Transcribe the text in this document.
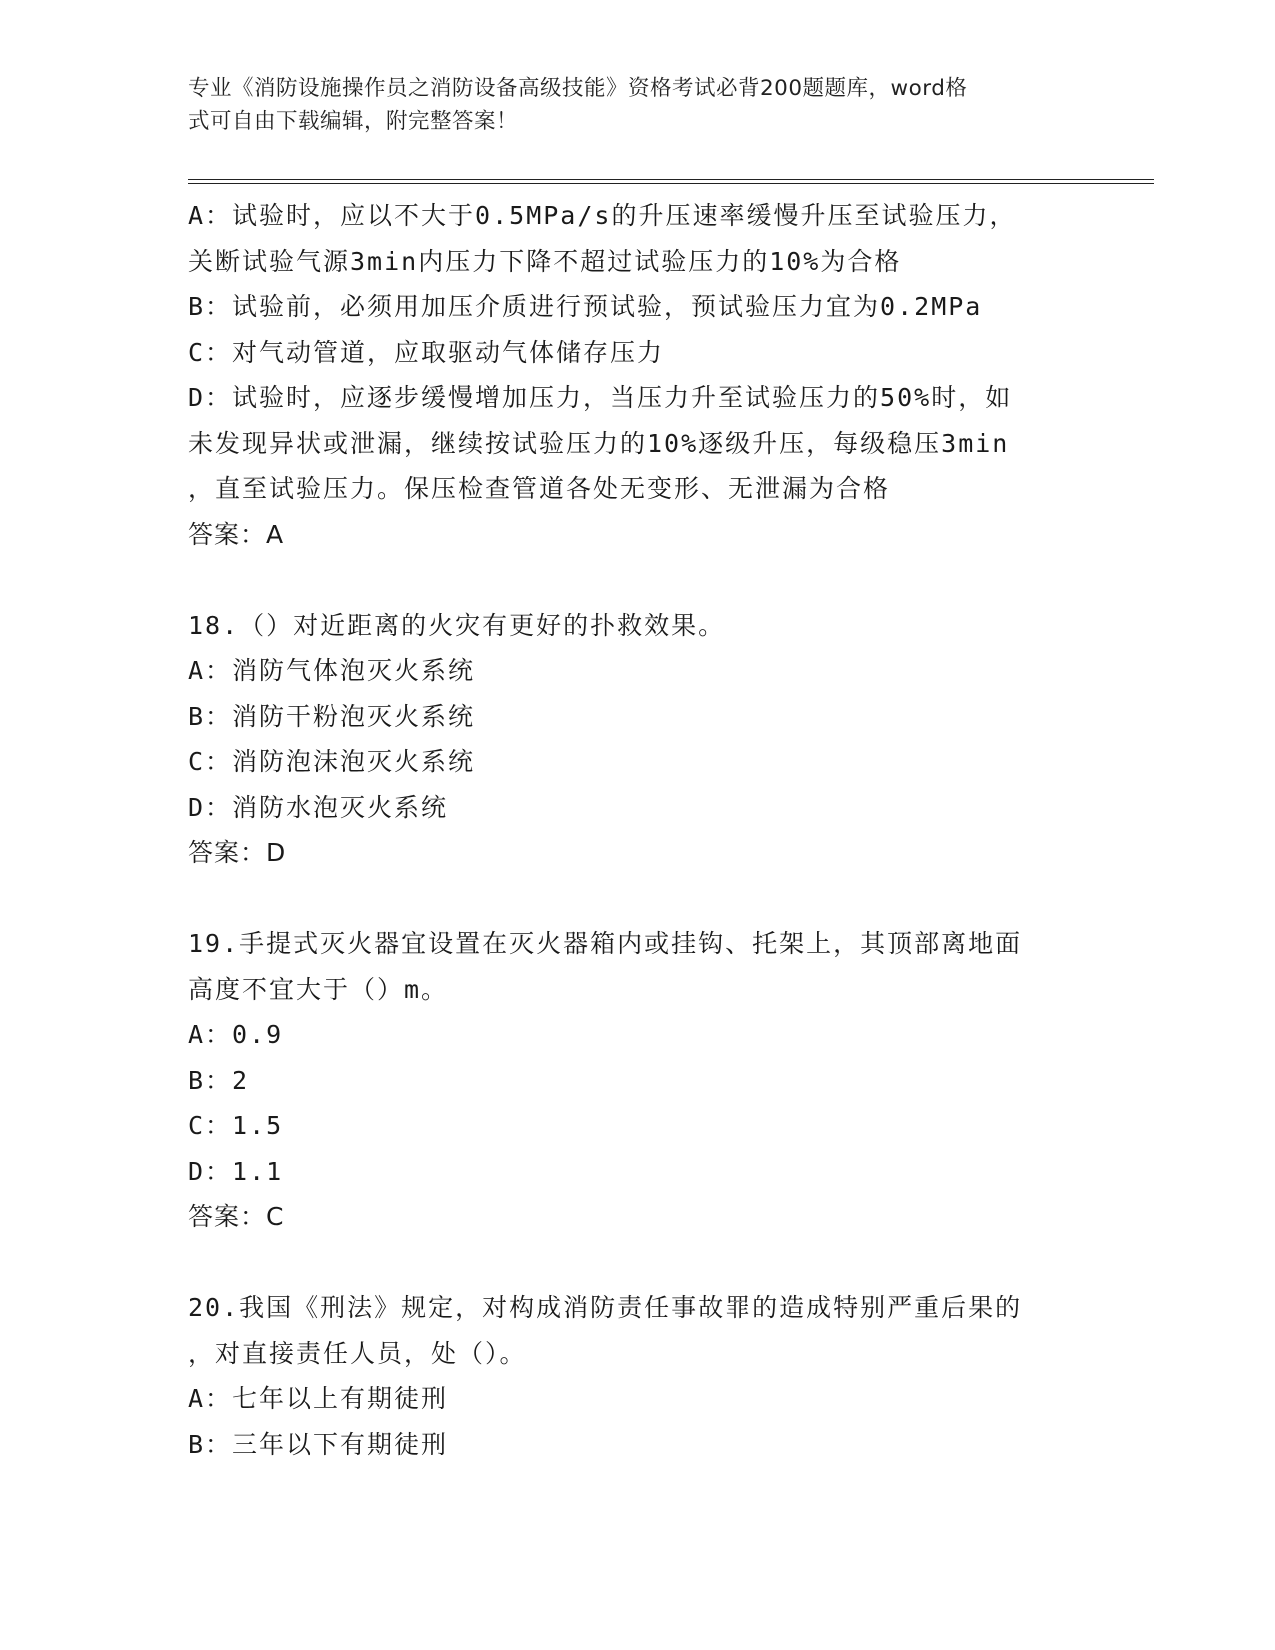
专业《消防设施操作员之消防设备高级技能》资格考试必背200题题库，word格
式可自由下载编辑，附完整答案！
A：试验时，应以不大于0.5MPa/s的升压速率缓慢升压至试验压力，
关断试验气源3min内压力下降不超过试验压力的10%为合格
B：试验前，必须用加压介质进行预试验，预试验压力宜为0.2MPa
C：对气动管道，应取驱动气体储存压力
D：试验时，应逐步缓慢增加压力，当压力升至试验压力的50%时，如
未发现异状或泄漏，继续按试验压力的10%逐级升压，每级稳压3min
，直至试验压力。保压检查管道各处无变形、无泄漏为合格
答案：A
18.（）对近距离的火灾有更好的扑救效果。
A：消防气体泡灭火系统
B：消防干粉泡灭火系统
C：消防泡沫泡灭火系统
D：消防水泡灭火系统
答案：D
19.手提式灭火器宜设置在灭火器箱内或挂钩、托架上，其顶部离地面
高度不宜大于（）m。
A：0.9
B：2
C：1.5
D：1.1
答案：C
20.我国《刑法》规定，对构成消防责任事故罪的造成特别严重后果的
，对直接责任人员，处（）。
A：七年以上有期徒刑
B：三年以下有期徒刑
